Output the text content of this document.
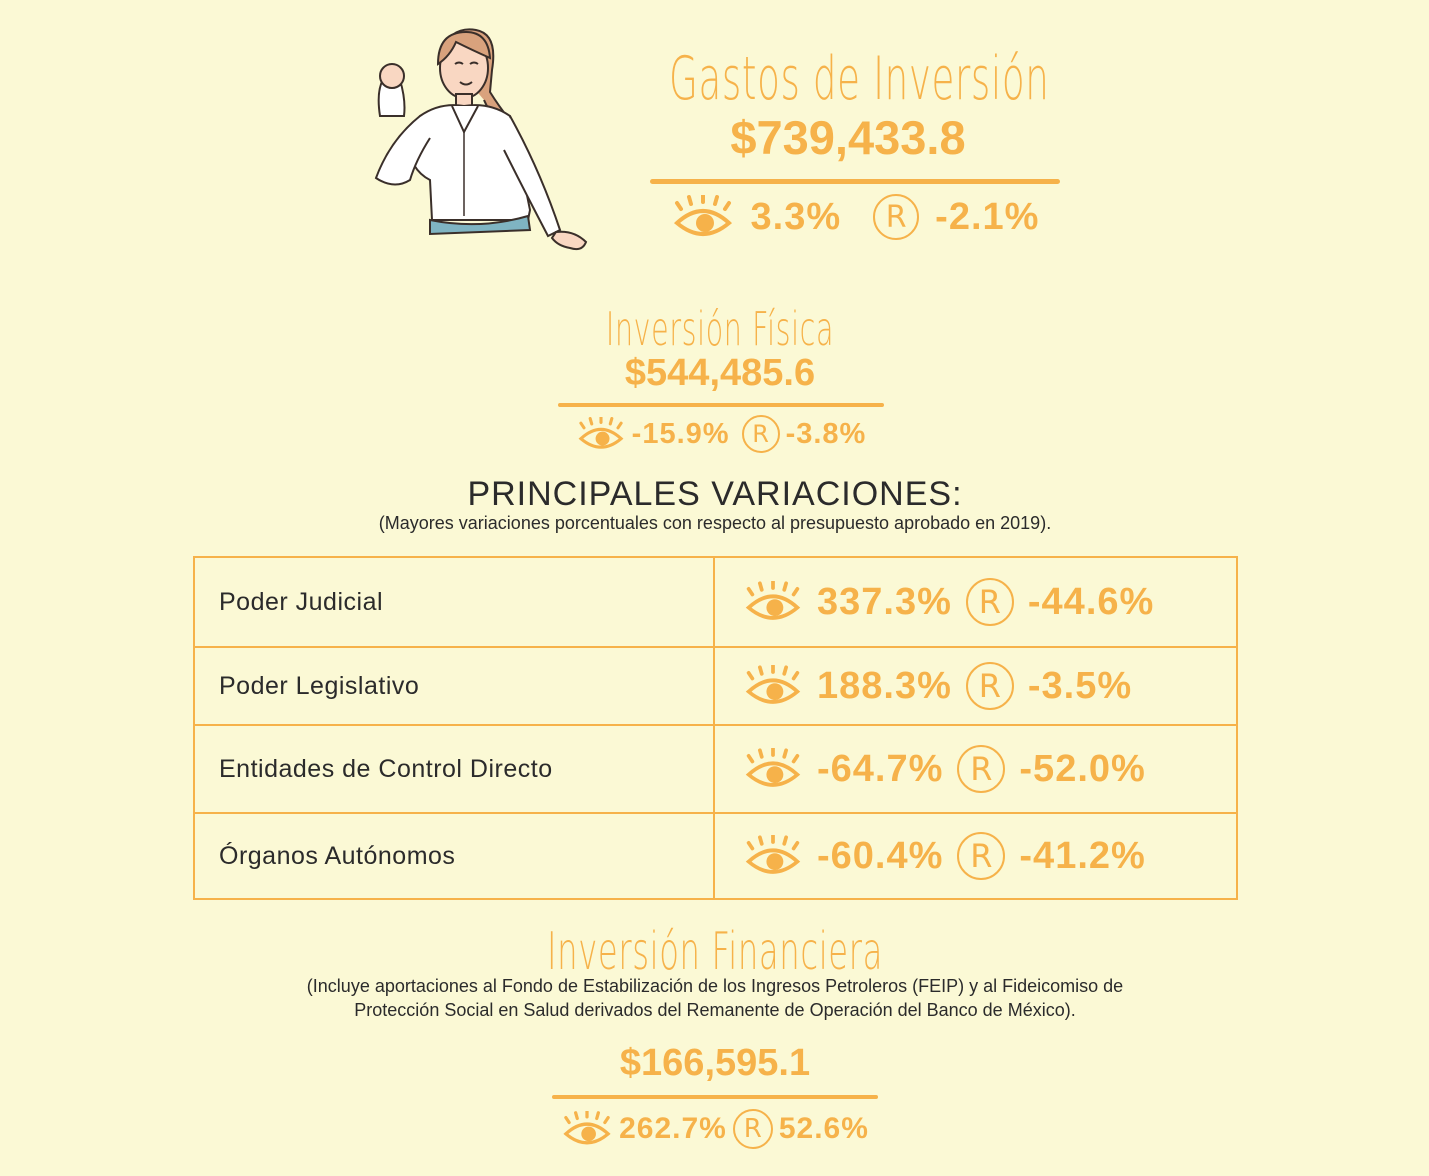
Gastos de Inversión
$739,433.8
3.3%	R -2.1%
Inversión Física
$544,485.6
-15.9% R -3.8%
PRINCIPALES VARIACIONES:
(Mayores variaciones porcentuales con respecto al presupuesto aprobado en 2019).
Poder Judicial	337.3% R -44.6%

Poder Legislativo	188.3% R -3.5%

Entidades de Control Directo	-64.7% R -52.0%

Órganos Autónomos	-60.4% R -41.2%
Inversión Financiera
(Incluye aportaciones al Fondo de Estabilización de los Ingresos Petroleros (FEIP) y al Fideicomiso de
Protección Social en Salud derivados del Remanente de Operación del Banco de México).
$166,595.1
262.7% R 52.6%
